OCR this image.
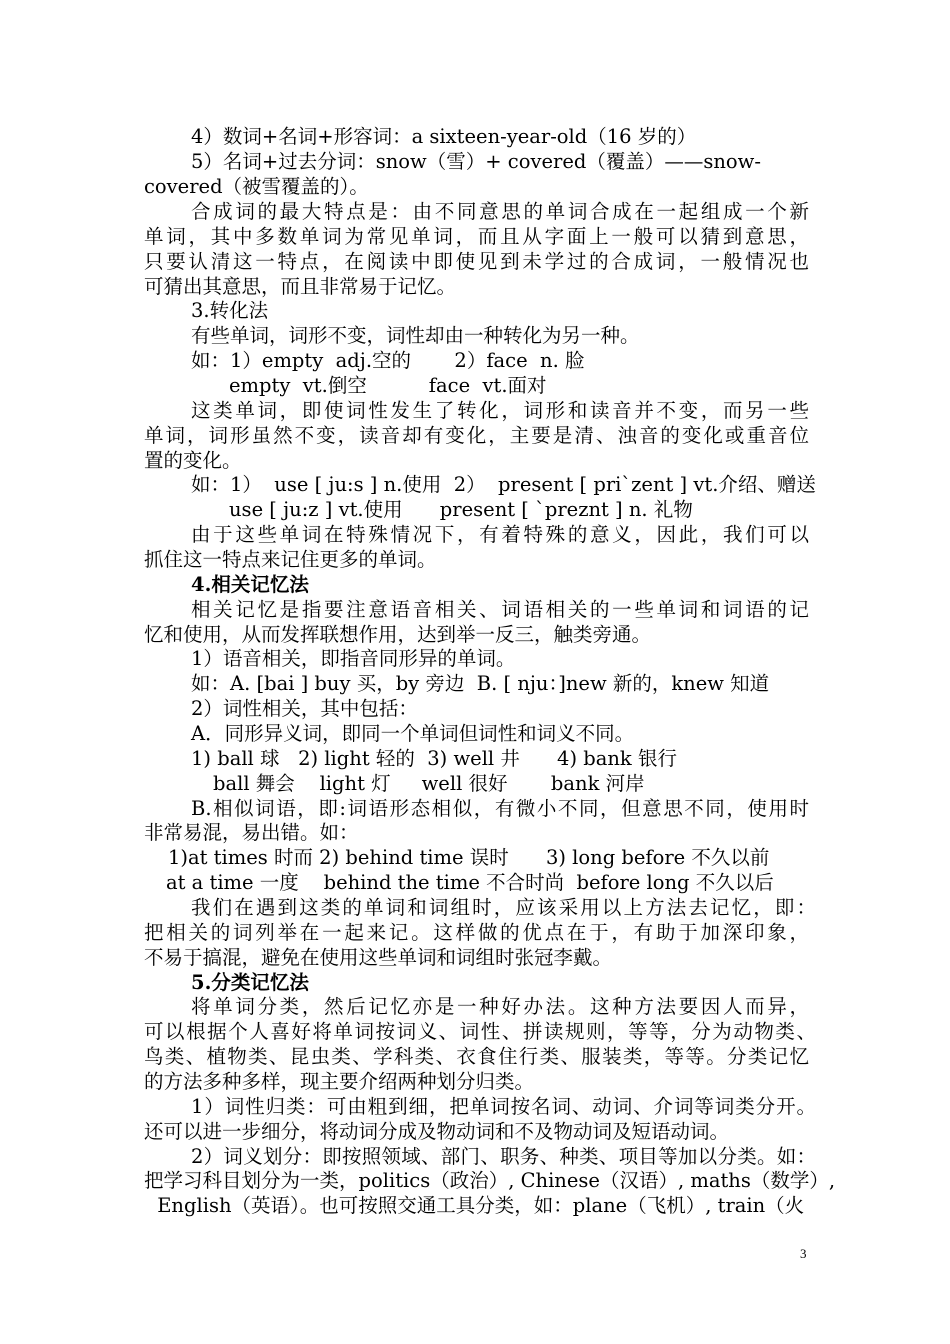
4）数词+名词+形容词：a sixteen-year-old（16 岁的）
5）名词+过去分词：snow（雪）+ covered（覆盖）——snow-
covered（被雪覆盖的）。
合成词的最大特点是：由不同意思的单词合成在一起组成一个新
单词，其中多数单词为常见单词，而且从字面上一般可以猜到意思，
只要认清这一特点，在阅读中即使见到未学过的合成词，一般情况也
可猜出其意思，而且非常易于记忆。
3.转化法
有些单词，词形不变，词性却由一种转化为另一种。
如：1）empty  adj.空的       2）face  n. 脸
empty  vt.倒空          face  vt.面对
这类单词，即使词性发生了转化，词形和读音并不变，而另一些
单词，词形虽然不变，读音却有变化，主要是清、浊音的变化或重音位
置的变化。
如：1）  use [ ju:s ] n.使用  2）  present [ pri`zent ] vt.介绍、赠送
use [ ju:z ] vt.使用      present [ `preznt ] n. 礼物
由于这些单词在特殊情况下，有着特殊的意义，因此，我们可以
抓住这一特点来记住更多的单词。
4.相关记忆法
相关记忆是指要注意语音相关、词语相关的一些单词和词语的记
忆和使用，从而发挥联想作用，达到举一反三，触类旁通。
1）语音相关，即指音同形异的单词。
如：A. [bai ] buy 买，by 旁边  B. [ nju：]new 新的，knew 知道
2）词性相关，其中包括：
A．同形异义词，即同一个单词但词性和词义不同。
1) ball 球   2) light 轻的  3) well 井      4) bank 银行
ball 舞会    light 灯     well 很好       bank 河岸
B.相似词语，即:词语形态相似，有微小不同，但意思不同，使用时
非常易混，易出错。如：
1)at times 时而 2) behind time 误时      3) long before 不久以前
at a time 一度    behind the time 不合时尚  before long 不久以后
我们在遇到这类的单词和词组时，应该采用以上方法去记忆，即：
把相关的词列举在一起来记。这样做的优点在于，有助于加深印象，
不易于搞混，避免在使用这些单词和词组时张冠李戴。
5.分类记忆法
将单词分类，然后记忆亦是一种好办法。这种方法要因人而异，
可以根据个人喜好将单词按词义、词性、拼读规则，等等，分为动物类、
鸟类、植物类、昆虫类、学科类、衣食住行类、服装类，等等。分类记忆
的方法多种多样，现主要介绍两种划分归类。
1）词性归类：可由粗到细，把单词按名词、动词、介词等词类分开。
还可以进一步细分，将动词分成及物动词和不及物动词及短语动词。
2）词义划分：即按照领域、部门、职务、种类、项目等加以分类。如：
把学习科目划分为一类，politics（政治）, Chinese（汉语）, maths（数学）,
English（英语）。也可按照交通工具分类，如：plane（飞机）, train（火
3
